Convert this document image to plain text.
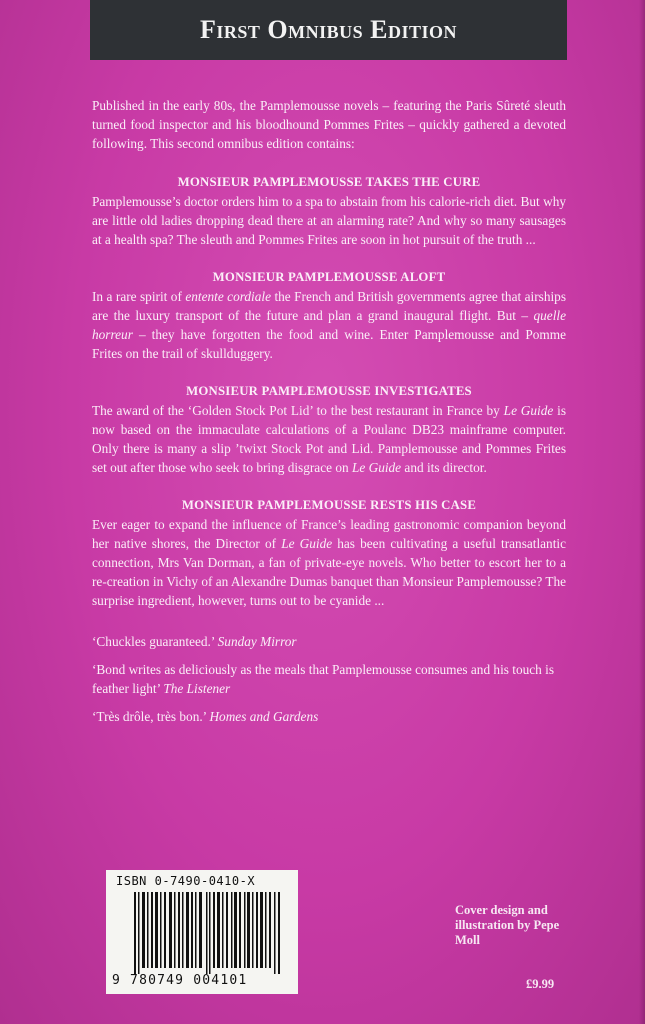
First Omnibus Edition

Published in the early 80s, the Pamplemousse novels – featuring the Paris Sûreté sleuth turned food inspector and his bloodhound Pommes Frites – quickly gathered a devoted following. This second omnibus edition contains:

MONSIEUR PAMPLEMOUSSE TAKES THE CURE

Pamplemousse’s doctor orders him to a spa to abstain from his calorie-rich diet. But why are little old ladies dropping dead there at an alarming rate? And why so many sausages at a health spa? The sleuth and Pommes Frites are soon in hot pursuit of the truth ...

MONSIEUR PAMPLEMOUSSE ALOFT

In a rare spirit of entente cordiale the French and British governments agree that airships are the luxury transport of the future and plan a grand inaugural flight. But – quelle horreur – they have forgotten the food and wine. Enter Pamplemousse and Pomme Frites on the trail of skullduggery.

MONSIEUR PAMPLEMOUSSE INVESTIGATES

The award of the ‘Golden Stock Pot Lid’ to the best restaurant in France by Le Guide is now based on the immaculate calculations of a Poulanc DB23 mainframe computer. Only there is many a slip ’twixt Stock Pot and Lid. Pamplemousse and Pommes Frites set out after those who seek to bring disgrace on Le Guide and its director.

MONSIEUR PAMPLEMOUSSE RESTS HIS CASE

Ever eager to expand the influence of France’s leading gastronomic companion beyond her native shores, the Director of Le Guide has been cultivating a useful transatlantic connection, Mrs Van Dorman, a fan of private-eye novels. Who better to escort her to a re-creation in Vichy of an Alexandre Dumas banquet than Monsieur Pamplemousse? The surprise ingredient, however, turns out to be cyanide ...

‘Chuckles guaranteed.’ Sunday Mirror

‘Bond writes as deliciously as the meals that Pamplemousse consumes and his touch is feather light’ The Listener

‘Très drôle, très bon.’ Homes and Gardens

ISBN 0-7490-0410-X
9 780749 004101
Cover design and
illustration by Pepe Moll
£9.99
